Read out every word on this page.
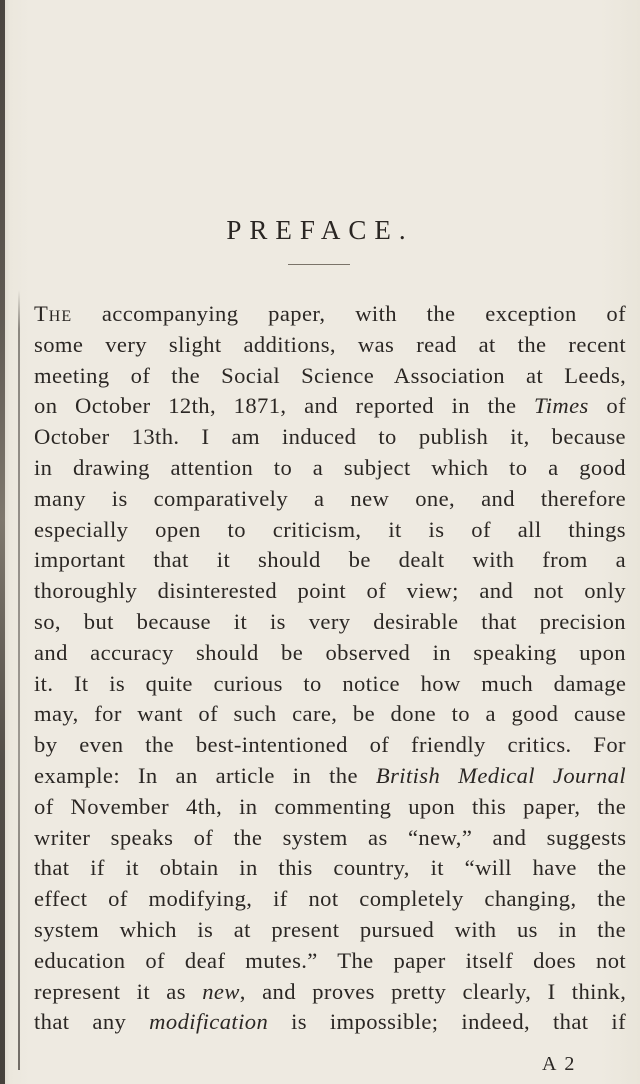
PREFACE.
The accompanying paper, with the exception of
some very slight additions, was read at the recent
meeting of the Social Science Association at Leeds,
on October 12th, 1871, and reported in the Times of
October 13th. I am induced to publish it, because
in drawing attention to a subject which to a good
many is comparatively a new one, and therefore
especially open to criticism, it is of all things
important that it should be dealt with from a
thoroughly disinterested point of view; and not only
so, but because it is very desirable that precision
and accuracy should be observed in speaking upon
it. It is quite curious to notice how much damage
may, for want of such care, be done to a good cause
by even the best-intentioned of friendly critics. For
example: In an article in the British Medical Journal
of November 4th, in commenting upon this paper, the
writer speaks of the system as “new,” and suggests
that if it obtain in this country, it “will have the
effect of modifying, if not completely changing, the
system which is at present pursued with us in the
education of deaf mutes.” The paper itself does not
represent it as new, and proves pretty clearly, I think,
that any modification is impossible; indeed, that if
A 2
